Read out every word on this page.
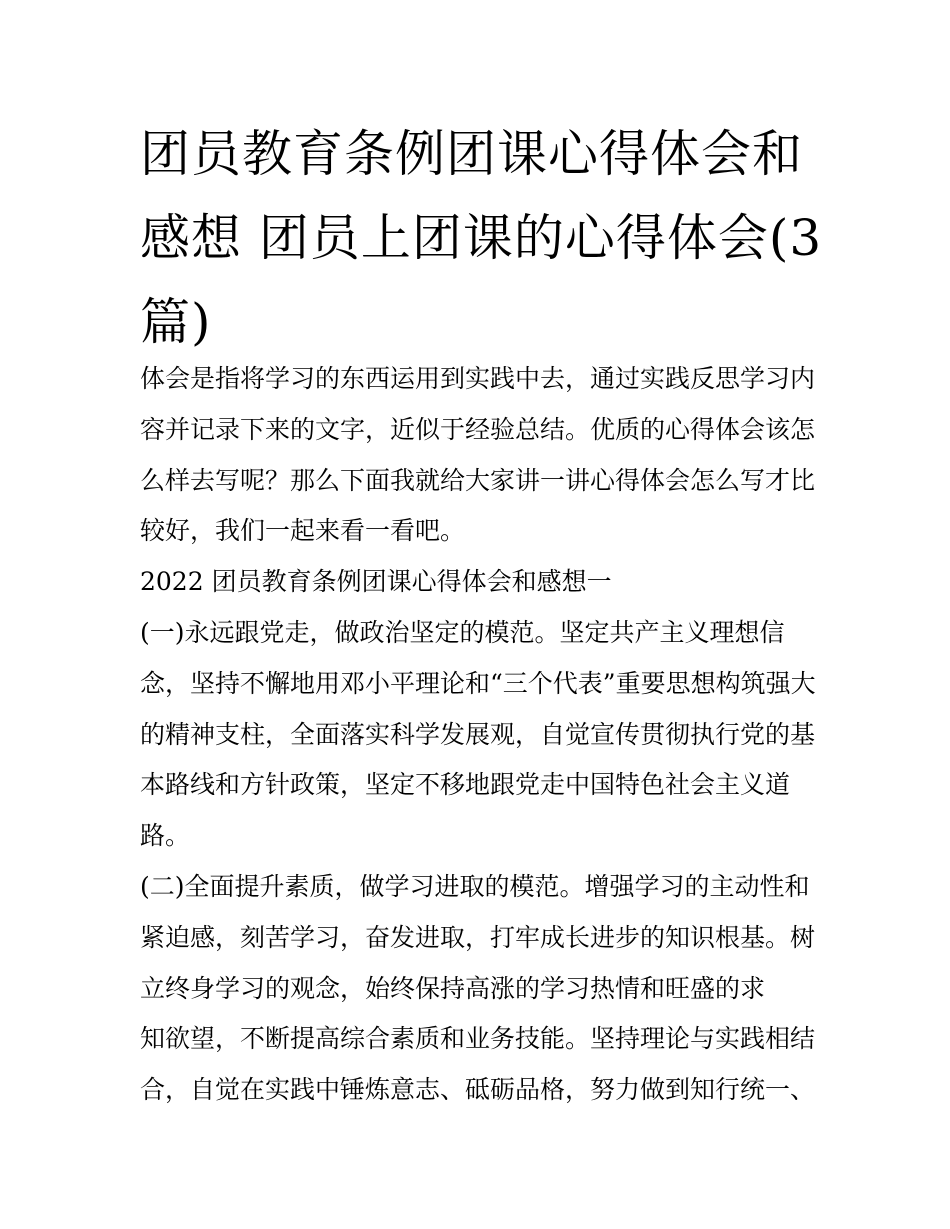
团员教育条例团课心得体会和
感想 团员上团课的心得体会(3
篇)
体会是指将学习的东西运用到实践中去，通过实践反思学习内
容并记录下来的文字，近似于经验总结。优质的心得体会该怎
么样去写呢？那么下面我就给大家讲一讲心得体会怎么写才比
较好，我们一起来看一看吧。
2022 团员教育条例团课心得体会和感想一
(一)永远跟党走，做政治坚定的模范。坚定共产主义理想信
念，坚持不懈地用邓小平理论和“三个代表”重要思想构筑强大
的精神支柱，全面落实科学发展观，自觉宣传贯彻执行党的基
本路线和方针政策，坚定不移地跟党走中国特色社会主义道
路。
(二)全面提升素质，做学习进取的模范。增强学习的主动性和
紧迫感，刻苦学习，奋发进取，打牢成长进步的知识根基。树
立终身学习的观念，始终保持高涨的学习热情和旺盛的求
知欲望，不断提高综合素质和业务技能。坚持理论与实践相结
合，自觉在实践中锤炼意志、砥砺品格，努力做到知行统一、
